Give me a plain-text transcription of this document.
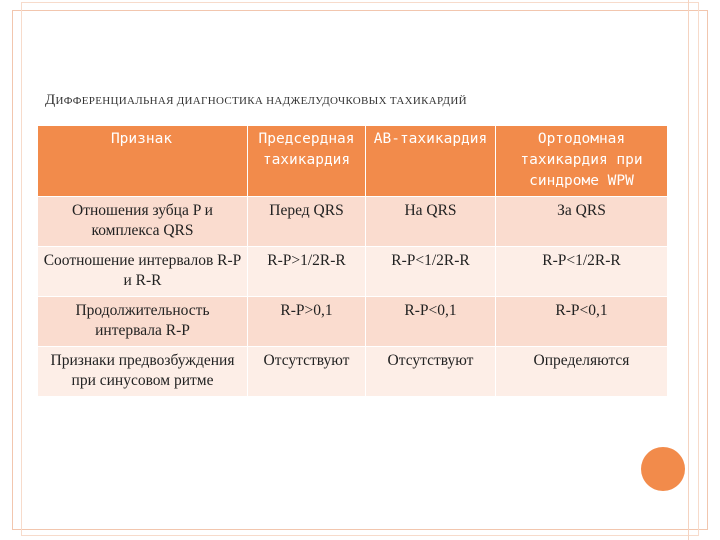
ДИФФЕРЕНЦИАЛЬНАЯ ДИАГНОСТИКА НАДЖЕЛУДОЧКОВЫХ ТАХИКАРДИЙ
Признак	Предсердная тахикардия	АВ-тахикардия	Ортодомная тахикардия при синдроме WPW
Отношения зубца P и комплекса QRS	Перед QRS	На QRS	За QRS
Соотношение интервалов R-P и R-R	R-P>1/2R-R	R-P<1/2R-R	R-P<1/2R-R
Продолжительность интервала R-P	R-P>0,1	R-P<0,1	R-P<0,1
Признаки предвозбуждения при синусовом ритме	Отсутствуют	Отсутствуют	Определяются
